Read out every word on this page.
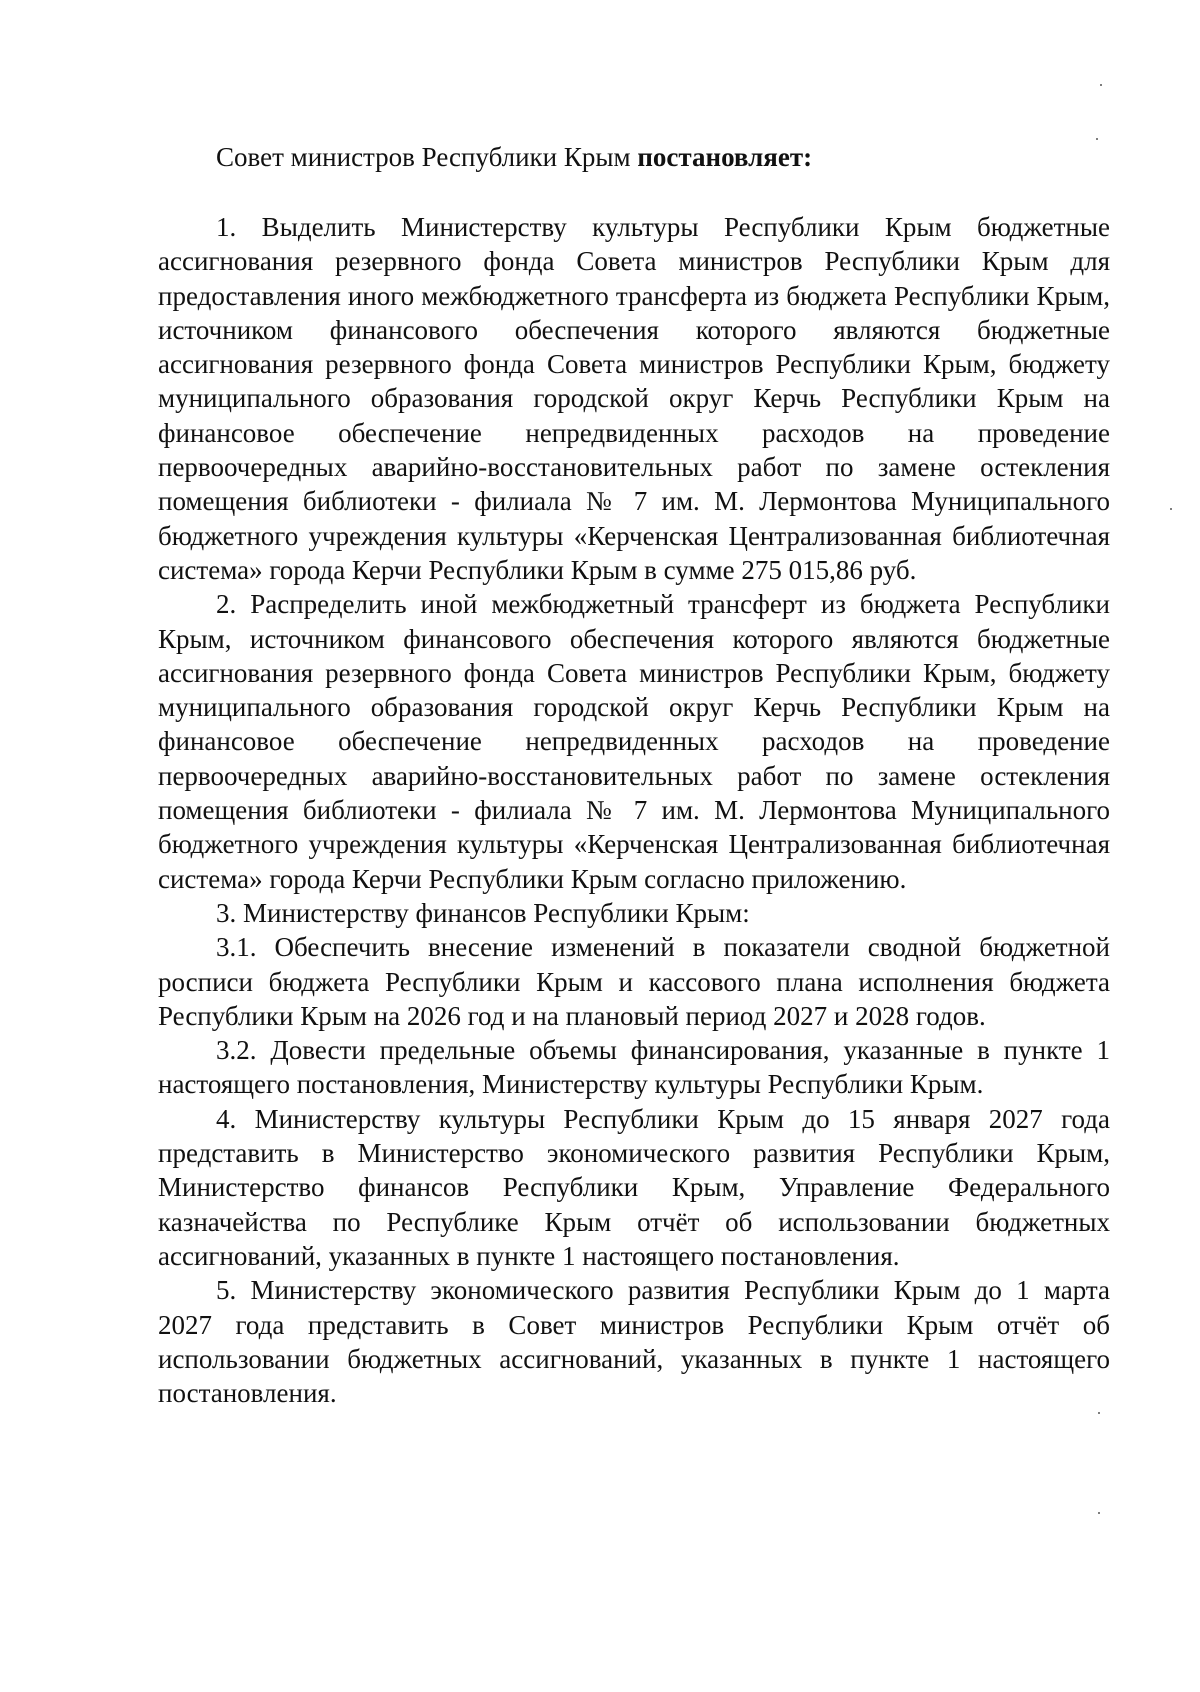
Совет министров Республики Крым постановляет:

1. Выделить Министерству культуры Республики Крым бюджетные ассигнования резервного фонда Совета министров Республики Крым для предоставления иного межбюджетного трансферта из бюджета Республики Крым, источником финансового обеспечения которого являются бюджетные ассигнования резервного фонда Совета министров Республики Крым, бюджету муниципального образования городской округ Керчь Республики Крым на финансовое обеспечение непредвиденных расходов на проведение первоочередных аварийно-восстановительных работ по замене остекления помещения библиотеки - филиала № 7 им. М. Лермонтова Муниципального бюджетного учреждения культуры «Керченская Централизованная библиотечная система» города Керчи Республики Крым в сумме 275 015,86 руб.

2. Распределить иной межбюджетный трансферт из бюджета Республики Крым, источником финансового обеспечения которого являются бюджетные ассигнования резервного фонда Совета министров Республики Крым, бюджету муниципального образования городской округ Керчь Республики Крым на финансовое обеспечение непредвиденных расходов на проведение первоочередных аварийно-восстановительных работ по замене остекления помещения библиотеки - филиала № 7 им. М. Лермонтова Муниципального бюджетного учреждения культуры «Керченская Централизованная библиотечная система» города Керчи Республики Крым согласно приложению.

3. Министерству финансов Республики Крым:

3.1. Обеспечить внесение изменений в показатели сводной бюджетной росписи бюджета Республики Крым и кассового плана исполнения бюджета Республики Крым на 2026 год и на плановый период 2027 и 2028 годов.

3.2. Довести предельные объемы финансирования, указанные в пункте 1 настоящего постановления, Министерству культуры Республики Крым.

4. Министерству культуры Республики Крым до 15 января 2027 года представить в Министерство экономического развития Республики Крым, Министерство финансов Республики Крым, Управление Федерального казначейства по Республике Крым отчёт об использовании бюджетных ассигнований, указанных в пункте 1 настоящего постановления.

5. Министерству экономического развития Республики Крым до 1 марта 2027 года представить в Совет министров Республики Крым отчёт об использовании бюджетных ассигнований, указанных в пункте 1 настоящего постановления.
